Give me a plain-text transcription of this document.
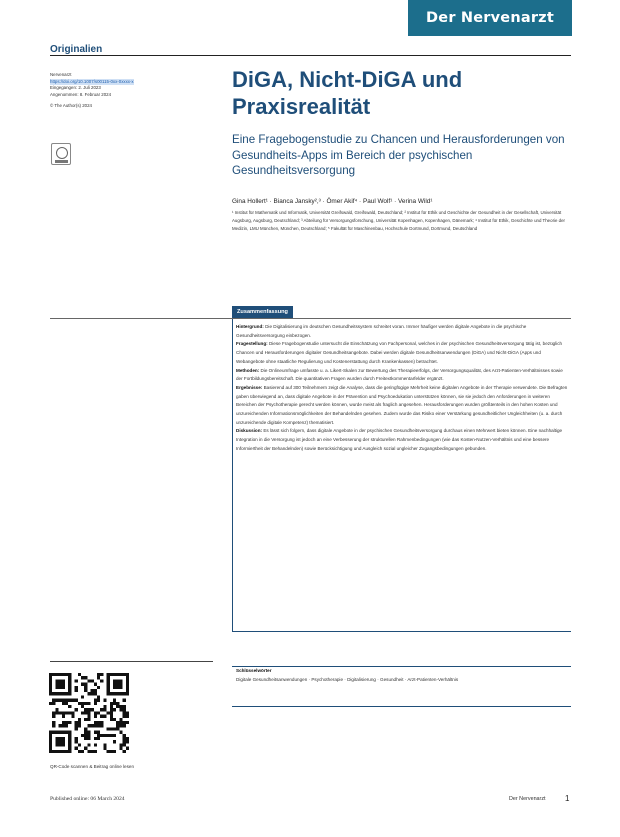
Der Nervenarzt
Originalien
Nervenarzt
https://doi.org/10.1007/s00115-0xx-0xxxx-x
Eingegangen: 2. Juli 2023
Angenommen: 8. Februar 2024
© The Author(s) 2024
DiGA, Nicht-DiGA und Praxisrealität

Eine Fragebogenstudie zu Chancen und Herausforderungen von Gesundheits-Apps im Bereich der psychischen Gesundheitsversorgung

Gina Hollert¹ · Bianca Jansky²,³ · Ömer Akif⁴ · Paul Wolf¹ · Verina Wild¹
¹ Institut für Mathematik und Informatik, Universität Greifswald, Greifswald, Deutschland; ² Institut für Ethik und Geschichte der Gesundheit in der Gesellschaft, Universität Augsburg, Augsburg, Deutschland; ³ Abteilung für Versorgungsforschung, Universität Kopenhagen, Kopenhagen, Dänemark; ⁴ Institut für Ethik, Geschichte und Theorie der Medizin, LMU München, München, Deutschland; ⁵ Fakultät für Maschinenbau, Hochschule Dortmund, Dortmund, Deutschland
Zusammenfassung

Hintergrund: Die Digitalisierung im deutschen Gesundheitssystem schreitet voran. Immer häufiger werden digitale Angebote in die psychische Gesundheitsversorgung einbezogen.
Fragestellung: Diese Fragebogenstudie untersucht die Einschätzung von Fachpersonal, welches in der psychischen Gesundheitsversorgung tätig ist, bezüglich Chancen und Herausforderungen digitaler Gesundheitsangebote. Dabei werden digitale Gesundheitsanwendungen (DiGA) und Nicht-DiGA (Apps und Webangebote ohne staatliche Regulierung und Kostenerstattung durch Krankenkassen) betrachtet.
Methoden: Die Onlineumfrage umfasste u. a. Likert-Skalen zur Bewertung des Therapieerfolgs, der Versorgungsqualität, des Arzt-Patienten-Verhältnisses sowie der Fortbildungsbereitschaft. Die quantitativen Fragen wurden durch Freitextkommentarfelder ergänzt.
Ergebnisse: Basierend auf 300 Teilnehmern zeigt die Analyse, dass die geringfügige Mehrheit keine digitalen Angebote in der Therapie verwendete. Die Befragten gaben überwiegend an, dass digitale Angebote in der Prävention und Psychoedukation unterstützen können, sie sie jedoch den Anforderungen in weiteren Bereichen der Psychotherapie gerecht werden können, wurde meist als fraglich angesehen. Herausforderungen wurden größtenteils in den hohen Kosten und unzureichenden Informationsmöglichkeiten der Behandelnden gesehen. Zudem wurde das Risiko einer Verstärkung gesundheitlicher Ungleichheiten (u. a. durch unzureichende digitale Kompetenz) thematisiert.
Diskussion: Es lässt sich folgern, dass digitale Angebote in der psychischen Gesundheitsversorgung durchaus einen Mehrwert bieten können. Eine nachhaltige Integration in die Versorgung ist jedoch an eine Verbesserung der strukturellen Rahmenbedingungen (wie das Kosten-Nutzen-Verhältnis und eine bessere Informiertheit der Behandelnden) sowie Berücksichtigung und Ausgleich sozial ungleicher Zugangsbedingungen gebunden.

Schlüsselwörter
Digitale Gesundheitsanwendungen · Psychotherapie · Digitalisierung · Gesundheit · Arzt-Patienten-Verhältnis
QR-Code scannen & Beitrag online lesen
Published online: 06 March 2024	Der Nervenarzt 1
